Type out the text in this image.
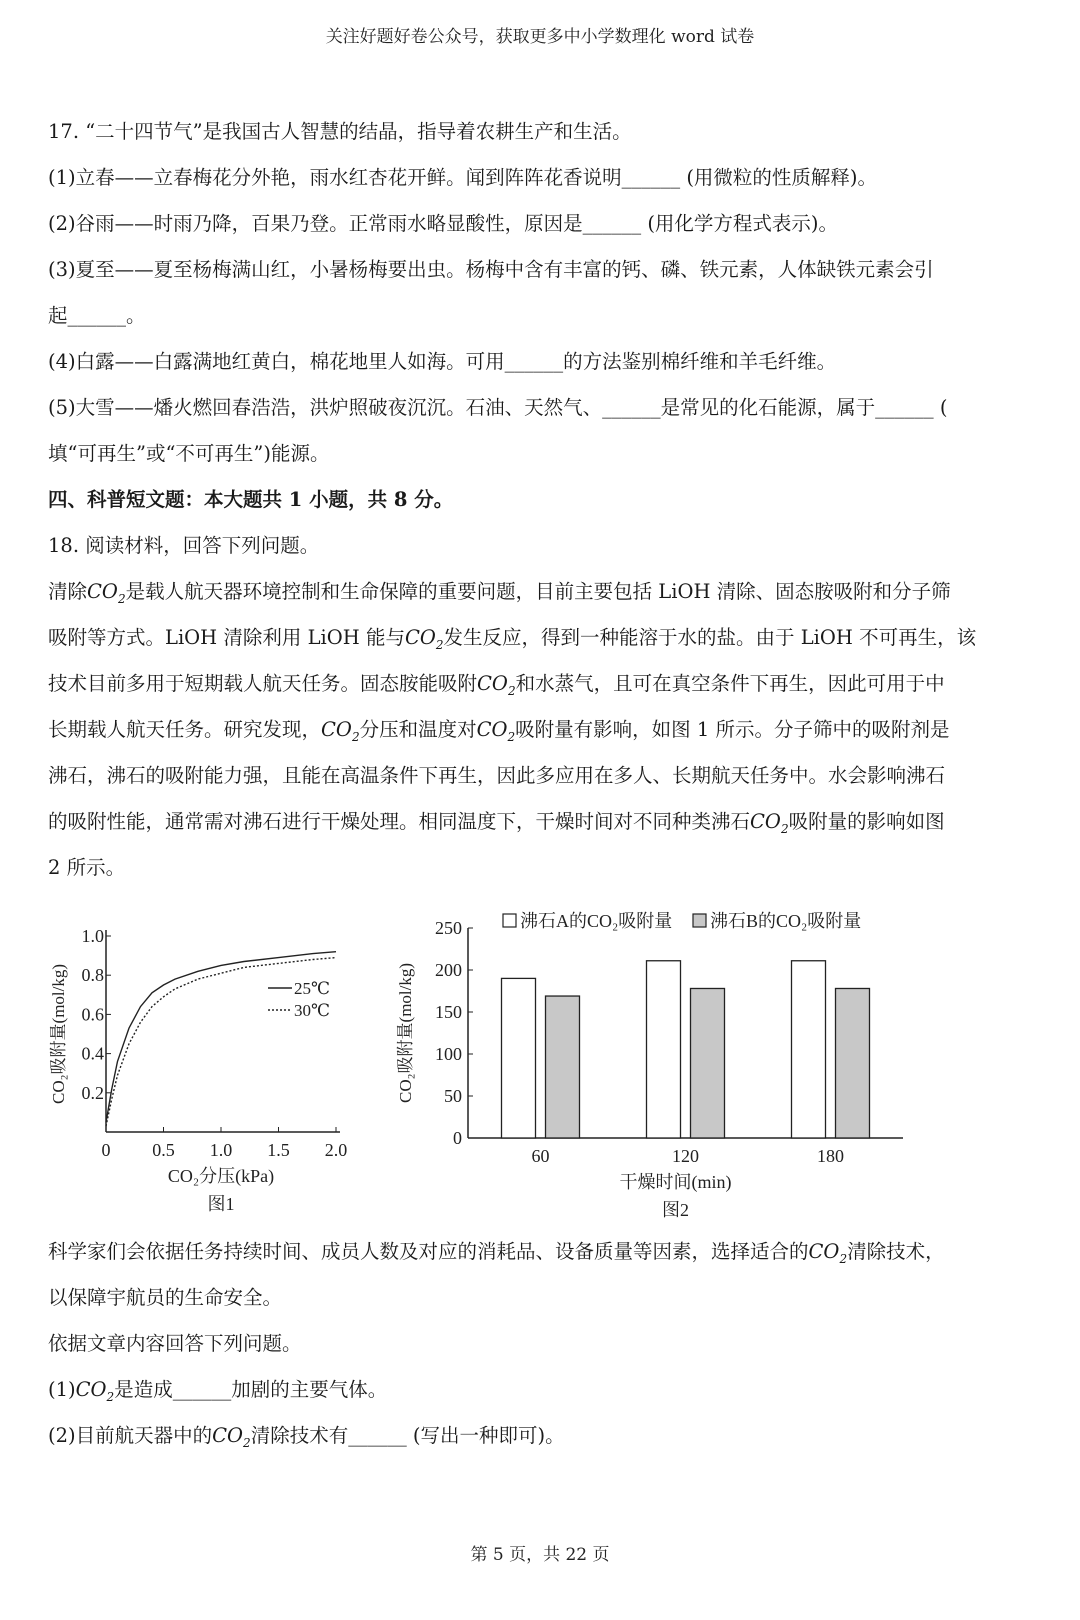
关注好题好卷公众号，获取更多中小学数理化 word 试卷
17. “二十四节气”是我国古人智慧的结晶，指导着农耕生产和生活。
(1)立春——立春梅花分外艳，雨水红杏花开鲜。闻到阵阵花香说明______ (用微粒的性质解释)。
(2)谷雨——时雨乃降，百果乃登。正常雨水略显酸性，原因是______ (用化学方程式表示)。
(3)夏至——夏至杨梅满山红，小暑杨梅要出虫。杨梅中含有丰富的钙、磷、铁元素，人体缺铁元素会引
起______。
(4)白露——白露满地红黄白，棉花地里人如海。可用______的方法鉴别棉纤维和羊毛纤维。
(5)大雪——燔火燃回春浩浩，洪炉照破夜沉沉。石油、天然气、______是常见的化石能源，属于______ (
填“可再生”或“不可再生”)能源。
四、科普短文题：本大题共 1 小题，共 8 分。
18. 阅读材料，回答下列问题。
清除$CO_2$是载人航天器环境控制和生命保障的重要问题，目前主要包括 LiOH 清除、固态胺吸附和分子筛
吸附等方式。LiOH 清除利用 LiOH 能与$CO_2$发生反应，得到一种能溶于水的盐。由于 LiOH 不可再生，该
技术目前多用于短期载人航天任务。固态胺能吸附$CO_2$和水蒸气，且可在真空条件下再生，因此可用于中
长期载人航天任务。研究发现，$CO_2$分压和温度对$CO_2$吸附量有影响，如图 1 所示。分子筛中的吸附剂是
沸石，沸石的吸附能力强，且能在高温条件下再生，因此多应用在多人、长期航天任务中。水会影响沸石
的吸附性能，通常需对沸石进行干燥处理。相同温度下，干燥时间对不同种类沸石$CO_2$吸附量的影响如图
2 所示。
0 0.5 1.0 1.5 2.0
0.2
0.4
0.6
0.8
1.0
25℃
30℃
CO₂吸附量(mol/kg)
CO₂分压(kPa)
图1
0
50
100
150
200
250
60	120	180
沸石A的CO₂吸附量 沸石B的CO₂吸附量
CO₂吸附量(mol/kg)
干燥时间(min)
图2
科学家们会依据任务持续时间、成员人数及对应的消耗品、设备质量等因素，选择适合的$CO_2$清除技术，
以保障宇航员的生命安全。
依据文章内容回答下列问题。
$(1)CO_2$是造成______加剧的主要气体。
(2)目前航天器中的$CO_2$清除技术有______ (写出一种即可)。
第 5 页，共 22 页
